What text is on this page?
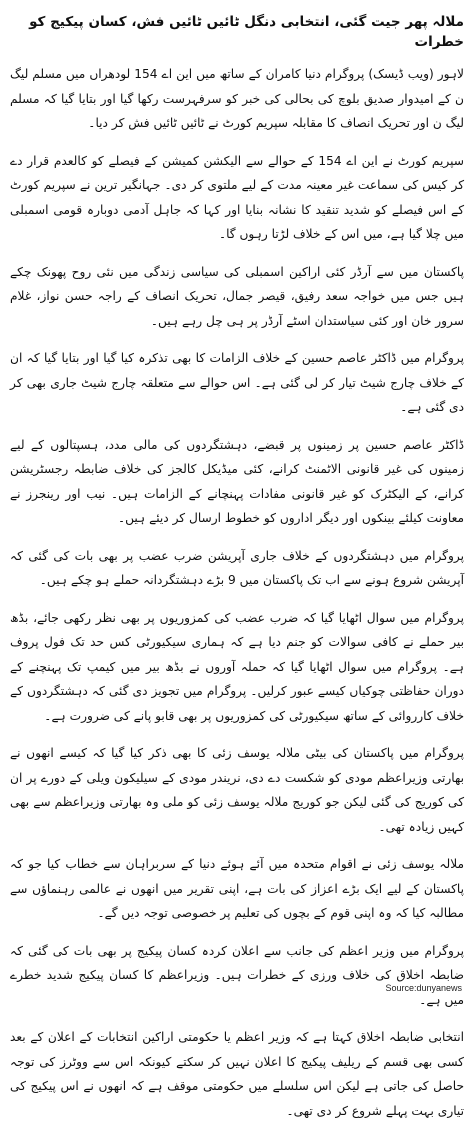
ملالہ پھر جیت گئی، انتخابی دنگل ٹائیں ٹائیں فش، کسان پیکیج کو خطرات

لاہور (ویب ڈیسک) پروگرام دنیا کامران کے ساتھ میں این اے 154 لودھراں میں مسلم لیگ ن کے امیدوار صدیق بلوچ کی بحالی کی خبر کو سرفہرست رکھا گیا اور بتایا گیا کہ مسلم لیگ ن اور تحریک انصاف کا مقابلہ سپریم کورٹ نے ٹائیں ٹائیں فش کر دیا۔

سپریم کورٹ نے این اے 154 کے حوالے سے الیکشن کمیشن کے فیصلے کو کالعدم قرار دے کر کیس کی سماعت غیر معینہ مدت کے لیے ملتوی کر دی۔ جہانگیر ترین نے سپریم کورٹ کے اس فیصلے کو شدید تنقید کا نشانہ بنایا اور کہا کہ جاہل آدمی دوبارہ قومی اسمبلی میں چلا گیا ہے، میں اس کے خلاف لڑتا رہوں گا۔

پاکستان میں سے آرڈر کئی اراکین اسمبلی کی سیاسی زندگی میں نئی روح پھونک چکے ہیں جس میں خواجہ سعد رفیق، قیصر جمال، تحریک انصاف کے راجہ حسن نواز، غلام سرور خان اور کئی سیاستدان اسٹے آرڈر پر ہی چل رہے ہیں۔

پروگرام میں ڈاکٹر عاصم حسین کے خلاف الزامات کا بھی تذکرہ کیا گیا اور بتایا گیا کہ ان کے خلاف چارج شیٹ تیار کر لی گئی ہے۔ اس حوالے سے متعلقہ چارج شیٹ جاری بھی کر دی گئی ہے۔

ڈاکٹر عاصم حسین پر زمینوں پر قبضے، دہشتگردوں کی مالی مدد، ہسپتالوں کے لیے زمینوں کی غیر قانونی الاٹمنٹ کرانے، کئی میڈیکل کالجز کی خلاف ضابطہ رجسٹریشن کرانے، کے الیکٹرک کو غیر قانونی مفادات پہنچانے کے الزامات ہیں۔ نیب اور رینجرز نے معاونت کیلئے بینکوں اور دیگر اداروں کو خطوط ارسال کر دیئے ہیں۔

پروگرام میں دہشتگردوں کے خلاف جاری آپریشن ضرب عضب پر بھی بات کی گئی کہ آپریشن شروع ہونے سے اب تک پاکستان میں 9 بڑے دہشتگردانہ حملے ہو چکے ہیں۔

پروگرام میں سوال اٹھایا گیا کہ ضرب عضب کی کمزوریوں پر بھی نظر رکھی جائے، بڈھ بیر حملے نے کافی سوالات کو جنم دیا ہے کہ ہماری سیکیورٹی کس حد تک فول پروف ہے۔ پروگرام میں سوال اٹھایا گیا کہ حملہ آوروں نے بڈھ بیر میں کیمپ تک پہنچنے کے دوران حفاظتی چوکیاں کیسے عبور کرلیں۔ پروگرام میں تجویز دی گئی کہ دہشتگردوں کے خلاف کارروائی کے ساتھ سیکیورٹی کی کمزوریوں پر بھی قابو پانے کی ضرورت ہے۔

پروگرام میں پاکستان کی بیٹی ملالہ یوسف زئی کا بھی ذکر کیا گیا کہ کیسے انھوں نے بھارتی وزیراعظم مودی کو شکست دے دی، نریندر مودی کے سیلیکون ویلی کے دورے پر ان کی کوریج کی گئی لیکن جو کوریج ملالہ یوسف زئی کو ملی وہ بھارتی وزیراعظم سے بھی کہیں زیادہ تھی۔

ملالہ یوسف زئی نے اقوام متحدہ میں آئے ہوئے دنیا کے سربراہان سے خطاب کیا جو کہ پاکستان کے لیے ایک بڑے اعزاز کی بات ہے، اپنی تقریر میں انھوں نے عالمی رہنماؤں سے مطالبہ کیا کہ وہ اپنی قوم کے بچوں کی تعلیم پر خصوصی توجہ دیں گے۔

پروگرام میں وزیر اعظم کی جانب سے اعلان کردہ کسان پیکیج پر بھی بات کی گئی کہ ضابطہ اخلاق کی خلاف ورزی کے خطرات ہیں۔ وزیراعظم کا کسان پیکیج شدید خطرے میں ہے۔

انتخابی ضابطہ اخلاق کہتا ہے کہ وزیر اعظم یا حکومتی اراکین انتخابات کے اعلان کے بعد کسی بھی قسم کے ریلیف پیکیج کا اعلان نہیں کر سکتے کیونکہ اس سے ووٹرز کی توجہ حاصل کی جاتی ہے لیکن اس سلسلے میں حکومتی موقف ہے کہ انھوں نے اس پیکیج کی تیاری بہت پہلے شروع کر دی تھی۔

Source:dunyanews
